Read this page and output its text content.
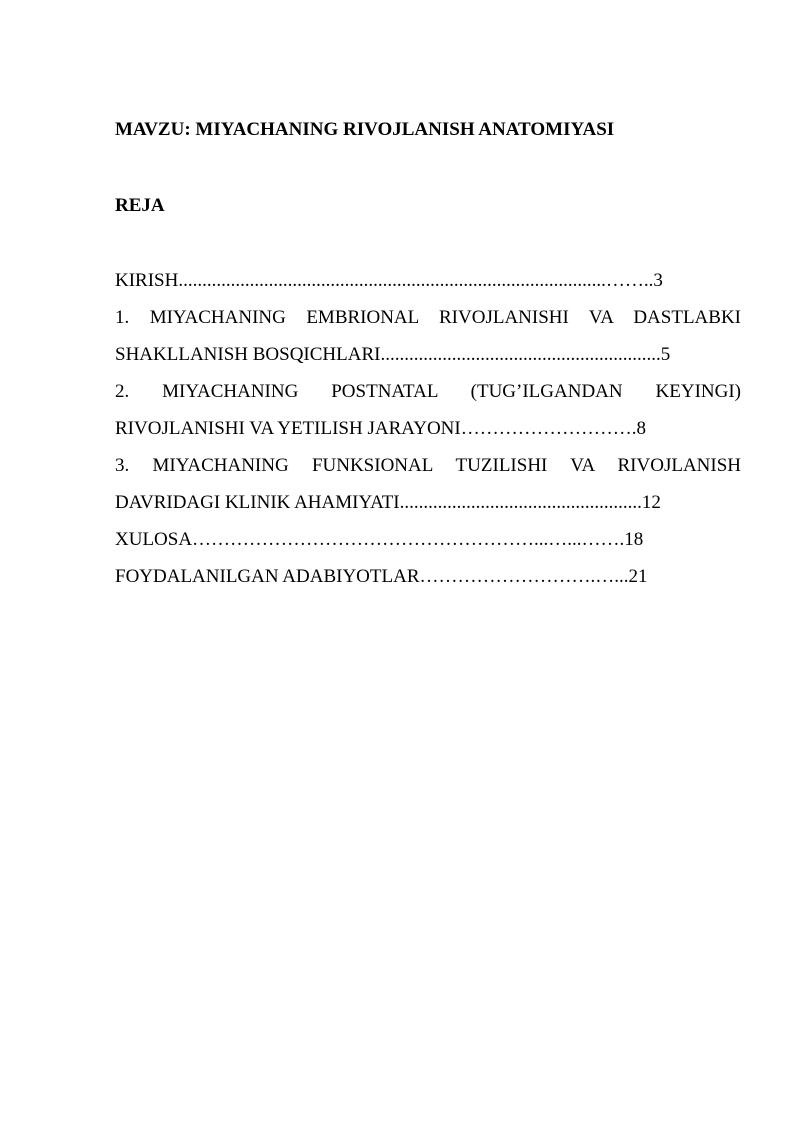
MAVZU: MIYACHANING RIVOJLANISH ANATOMIYASI
REJA
KIRISH..........................................................................................……..3
1. MIYACHANING EMBRIONAL RIVOJLANISHI VA DASTLABKI
SHAKLLANISH BOSQICHLARI...........................................................5
2. MIYACHANING POSTNATAL (TUG’ILGANDAN KEYINGI)
RIVOJLANISHI VA YETILISH JARAYONI……………………….8
3. MIYACHANING FUNKSIONAL TUZILISHI VA RIVOJLANISH
DAVRIDAGI KLINIK AHAMIYATI...................................................12
XULOSA………………………………………………...…...…….18
FOYDALANILGAN ADABIYOTLAR……………………….…...21
